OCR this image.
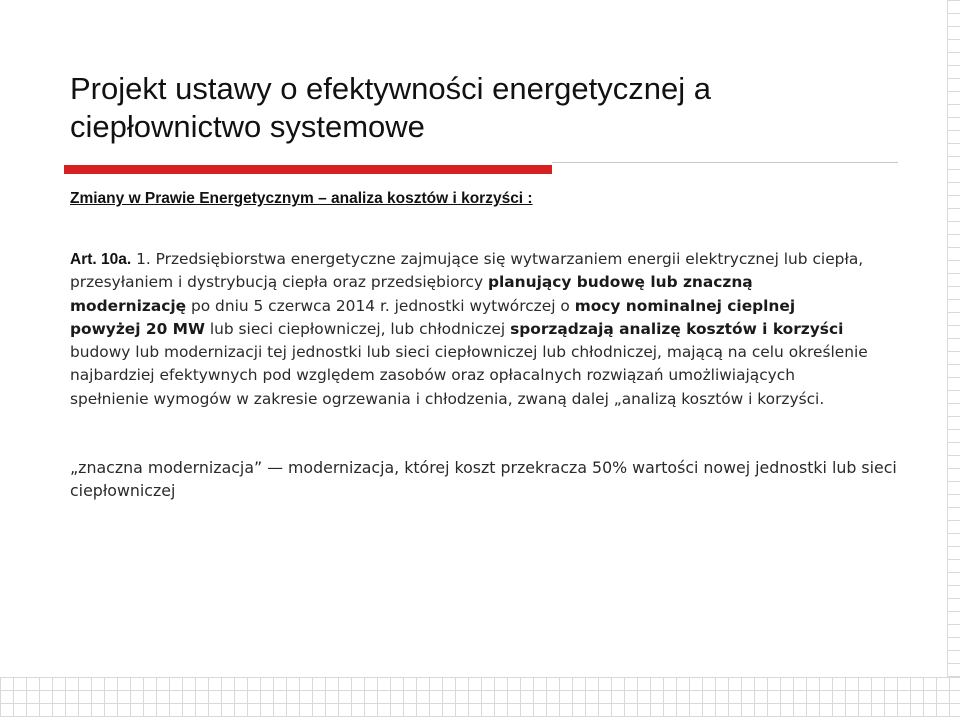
Projekt ustawy o efektywności energetycznej a
ciepłownictwo systemowe
Zmiany w Prawie Energetycznym – analiza kosztów i korzyści :
Art. 10a. 1. Przedsiębiorstwa energetyczne zajmujące się wytwarzaniem energii elektrycznej lub ciepła, przesyłaniem i dystrybucją ciepła oraz przedsiębiorcy planujący budowę lub znaczną modernizację po dniu 5 czerwca 2014 r. jednostki wytwórczej o mocy nominalnej cieplnej powyżej 20 MW lub sieci ciepłowniczej, lub chłodniczej sporządzają analizę kosztów i korzyści budowy lub modernizacji tej jednostki lub sieci ciepłowniczej lub chłodniczej, mającą na celu określenie najbardziej efektywnych pod względem zasobów oraz opłacalnych rozwiązań umożliwiających spełnienie wymogów w zakresie ogrzewania i chłodzenia, zwaną dalej „analizą kosztów i korzyści.
„znaczna modernizacja” — modernizacja, której koszt przekracza 50% wartości nowej jednostki lub sieci ciepłowniczej
